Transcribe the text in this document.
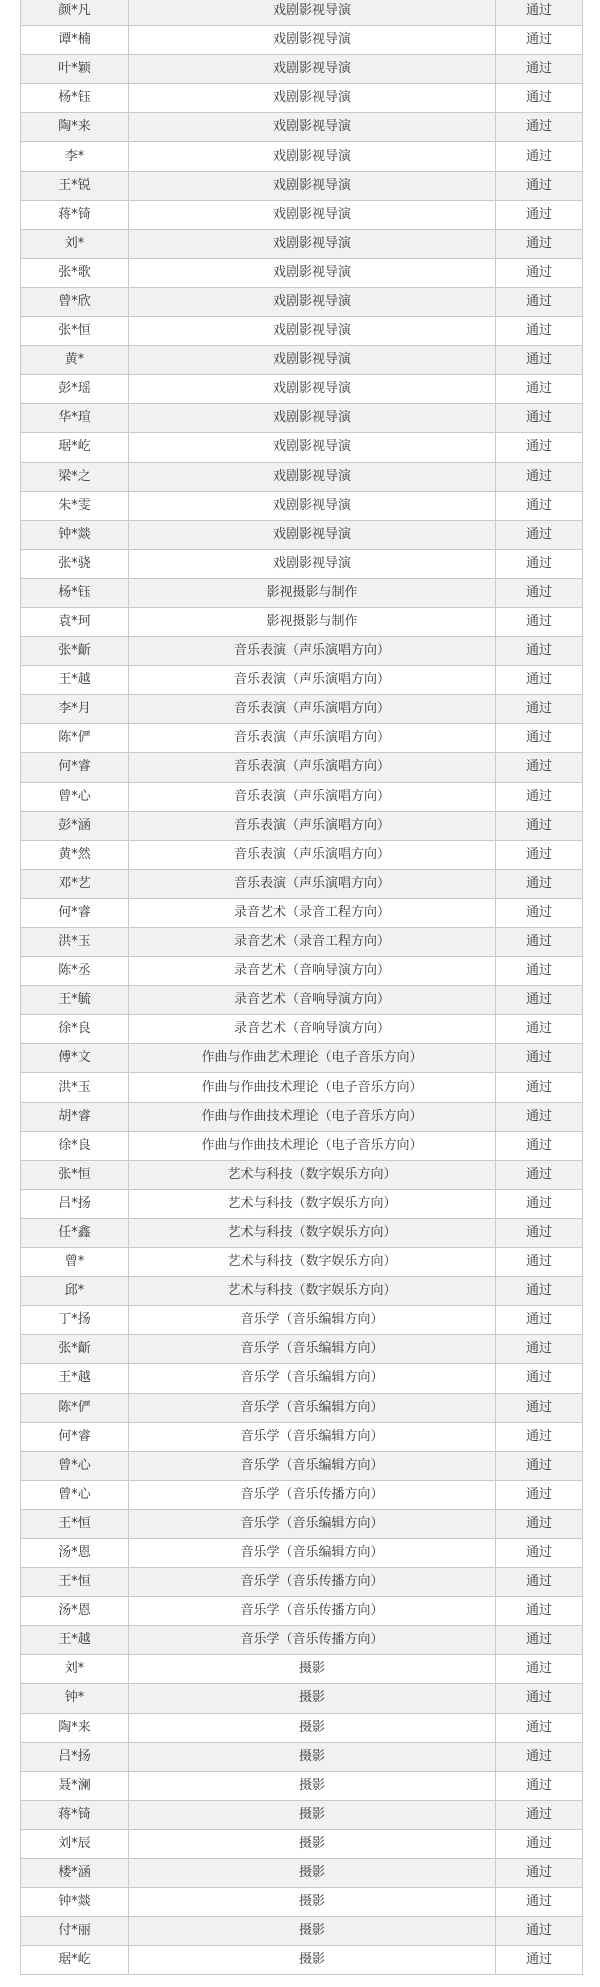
颜*凡	戏剧影视导演	通过
谭*楠	戏剧影视导演	通过
叶*颖	戏剧影视导演	通过
杨*钰	戏剧影视导演	通过
陶*来	戏剧影视导演	通过
李*	戏剧影视导演	通过
王*锐	戏剧影视导演	通过
蒋*锜	戏剧影视导演	通过
刘*	戏剧影视导演	通过
张*歌	戏剧影视导演	通过
曾*欣	戏剧影视导演	通过
张*恒	戏剧影视导演	通过
黄*	戏剧影视导演	通过
彭*瑶	戏剧影视导演	通过
华*瑄	戏剧影视导演	通过
琚*屹	戏剧影视导演	通过
梁*之	戏剧影视导演	通过
朱*雯	戏剧影视导演	通过
钟*燚	戏剧影视导演	通过
张*骁	戏剧影视导演	通过
杨*钰	影视摄影与制作	通过
袁*珂	影视摄影与制作	通过
张*齗	音乐表演（声乐演唱方向）	通过
王*越	音乐表演（声乐演唱方向）	通过
李*月	音乐表演（声乐演唱方向）	通过
陈*俨	音乐表演（声乐演唱方向）	通过
何*睿	音乐表演（声乐演唱方向）	通过
曾*心	音乐表演（声乐演唱方向）	通过
彭*涵	音乐表演（声乐演唱方向）	通过
黄*然	音乐表演（声乐演唱方向）	通过
邓*艺	音乐表演（声乐演唱方向）	通过
何*睿	录音艺术（录音工程方向）	通过
洪*玉	录音艺术（录音工程方向）	通过
陈*丞	录音艺术（音响导演方向）	通过
王*毓	录音艺术（音响导演方向）	通过
徐*良	录音艺术（音响导演方向）	通过
傅*文	作曲与作曲艺术理论（电子音乐方向）	通过
洪*玉	作曲与作曲技术理论（电子音乐方向）	通过
胡*睿	作曲与作曲技术理论（电子音乐方向）	通过
徐*良	作曲与作曲技术理论（电子音乐方向）	通过
张*恒	艺术与科技（数字娱乐方向）	通过
吕*扬	艺术与科技（数字娱乐方向）	通过
任*鑫	艺术与科技（数字娱乐方向）	通过
曾*	艺术与科技（数字娱乐方向）	通过
邱*	艺术与科技（数字娱乐方向）	通过
丁*扬	音乐学（音乐编辑方向）	通过
张*齗	音乐学（音乐编辑方向）	通过
王*越	音乐学（音乐编辑方向）	通过
陈*俨	音乐学（音乐编辑方向）	通过
何*睿	音乐学（音乐编辑方向）	通过
曾*心	音乐学（音乐编辑方向）	通过
曾*心	音乐学（音乐传播方向）	通过
王*恒	音乐学（音乐编辑方向）	通过
汤*恩	音乐学（音乐编辑方向）	通过
王*恒	音乐学（音乐传播方向）	通过
汤*恩	音乐学（音乐传播方向）	通过
王*越	音乐学（音乐传播方向）	通过
刘*	摄影	通过
钟*	摄影	通过
陶*来	摄影	通过
吕*扬	摄影	通过
聂*澜	摄影	通过
蒋*锜	摄影	通过
刘*辰	摄影	通过
楼*涵	摄影	通过
钟*燚	摄影	通过
付*丽	摄影	通过
琚*屹	摄影	通过
